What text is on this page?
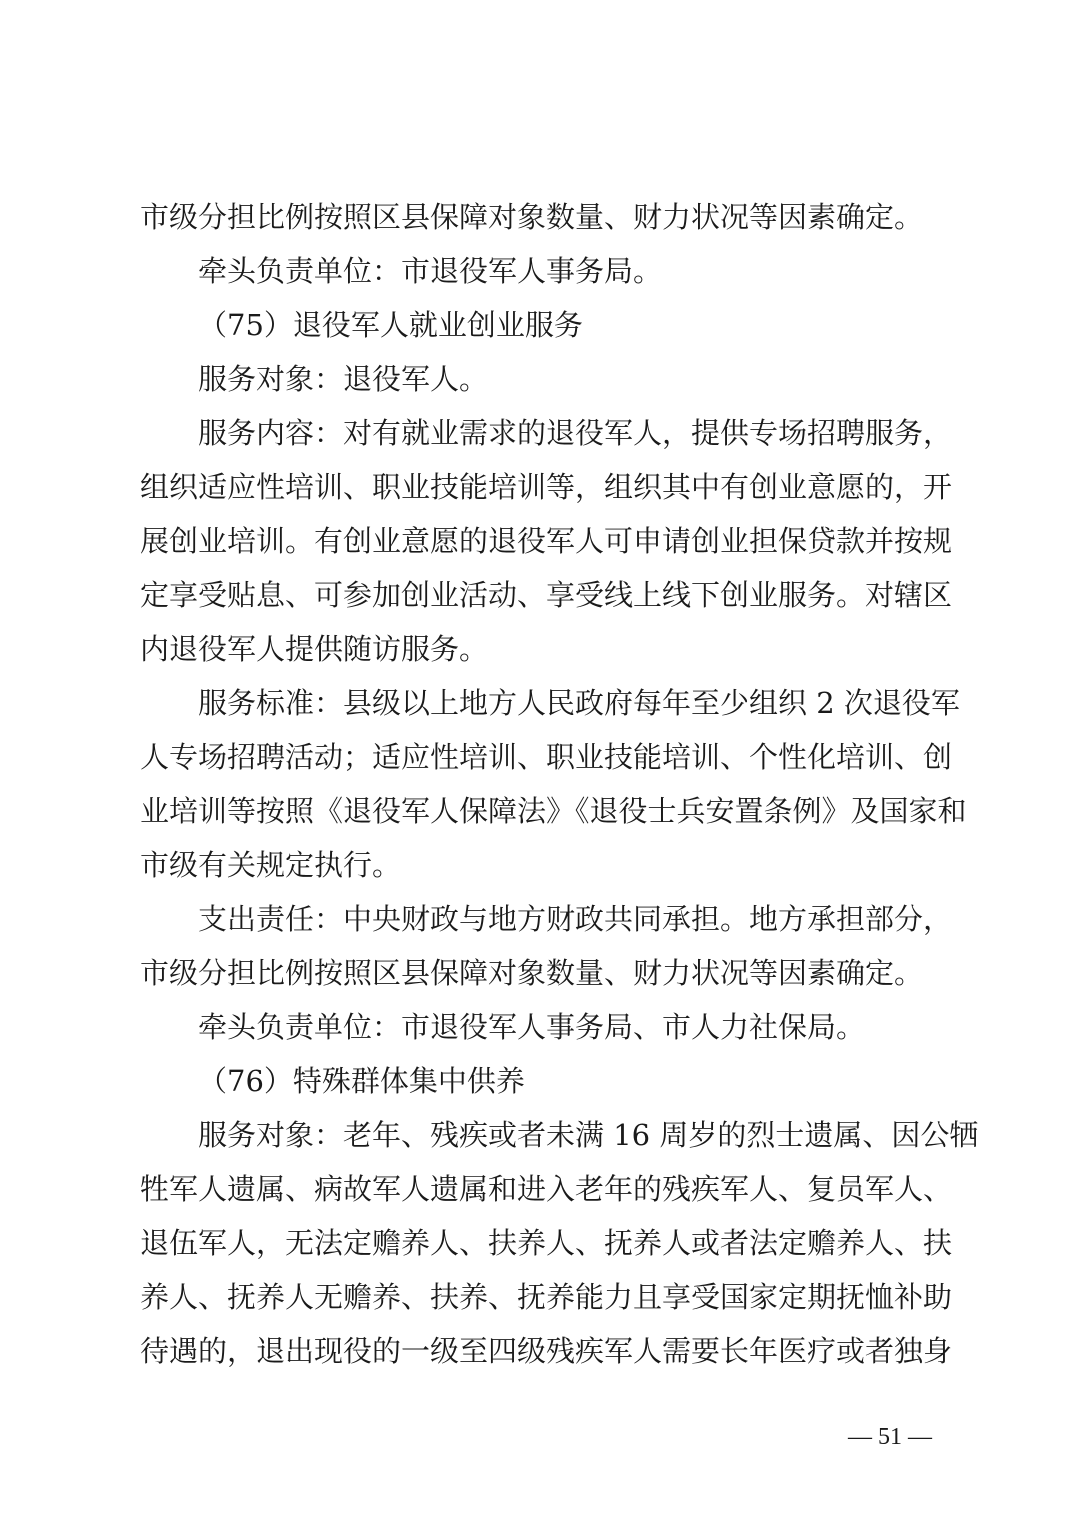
市级分担比例按照区县保障对象数量、财力状况等因素确定。
牵头负责单位：市退役军人事务局。
（75）退役军人就业创业服务
服务对象：退役军人。
服务内容：对有就业需求的退役军人，提供专场招聘服务，
组织适应性培训、职业技能培训等，组织其中有创业意愿的，开
展创业培训。有创业意愿的退役军人可申请创业担保贷款并按规
定享受贴息、可参加创业活动、享受线上线下创业服务。对辖区
内退役军人提供随访服务。
服务标准：县级以上地方人民政府每年至少组织 2 次退役军
人专场招聘活动；适应性培训、职业技能培训、个性化培训、创
业培训等按照《退役军人保障法》《退役士兵安置条例》及国家和
市级有关规定执行。
支出责任：中央财政与地方财政共同承担。地方承担部分，
市级分担比例按照区县保障对象数量、财力状况等因素确定。
牵头负责单位：市退役军人事务局、市人力社保局。
（76）特殊群体集中供养
服务对象：老年、残疾或者未满 16 周岁的烈士遗属、因公牺
牲军人遗属、病故军人遗属和进入老年的残疾军人、复员军人、
退伍军人，无法定赡养人、扶养人、抚养人或者法定赡养人、扶
养人、抚养人无赡养、扶养、抚养能力且享受国家定期抚恤补助
待遇的，退出现役的一级至四级残疾军人需要长年医疗或者独身
— 51 —
